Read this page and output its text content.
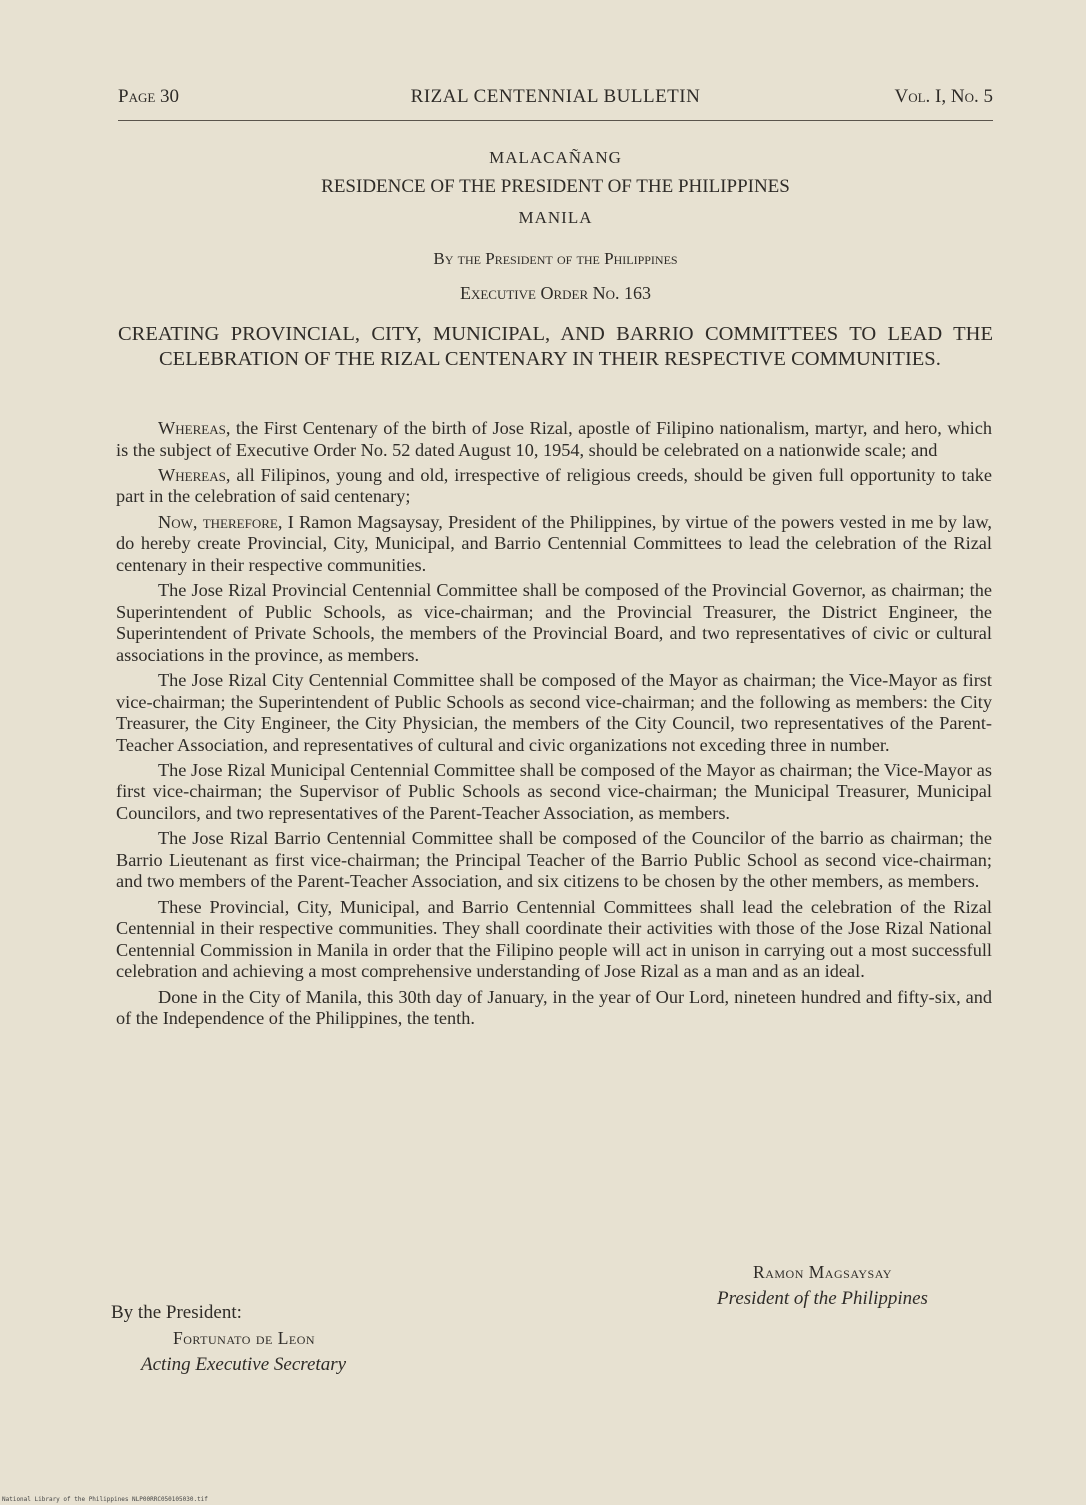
Page 30	RIZAL CENTENNIAL BULLETIN	Vol. I, No. 5
MALACAÑANG
RESIDENCE OF THE PRESIDENT OF THE PHILIPPINES
MANILA
By the President of the Philippines
Executive Order No. 163
CREATING PROVINCIAL, CITY, MUNICIPAL, AND BARRIO COMMITTEES TO LEAD THE CELEBRATION OF THE RIZAL CENTENARY IN THEIR RESPECTIVE COMMUNITIES.

Whereas, the First Centenary of the birth of Jose Rizal, apostle of Filipino nationalism, martyr, and hero, which is the subject of Executive Order No. 52 dated August 10, 1954, should be celebrated on a nationwide scale; and

Whereas, all Filipinos, young and old, irrespective of religious creeds, should be given full opportunity to take part in the celebration of said centenary;

Now, therefore, I Ramon Magsaysay, President of the Philippines, by virtue of the powers vested in me by law, do hereby create Provincial, City, Municipal, and Barrio Centennial Committees to lead the celebration of the Rizal centenary in their respective communities.

The Jose Rizal Provincial Centennial Committee shall be composed of the Provincial Governor, as chairman; the Superintendent of Public Schools, as vice-chairman; and the Provincial Treasurer, the District Engineer, the Superintendent of Private Schools, the members of the Provincial Board, and two representatives of civic or cultural associations in the province, as members.

The Jose Rizal City Centennial Committee shall be composed of the Mayor as chairman; the Vice-Mayor as first vice-chairman; the Superintendent of Public Schools as second vice-chairman; and the following as members: the City Treasurer, the City Engineer, the City Physician, the members of the City Council, two representatives of the Parent-Teacher Association, and representatives of cultural and civic organizations not exceding three in number.

The Jose Rizal Municipal Centennial Committee shall be composed of the Mayor as chairman; the Vice-Mayor as first vice-chairman; the Supervisor of Public Schools as second vice-chairman; the Municipal Treasurer, Municipal Councilors, and two representatives of the Parent-Teacher Association, as members.

The Jose Rizal Barrio Centennial Committee shall be composed of the Councilor of the barrio as chairman; the Barrio Lieutenant as first vice-chairman; the Principal Teacher of the Barrio Public School as second vice-chairman; and two members of the Parent-Teacher Association, and six citizens to be chosen by the other members, as members.

These Provincial, City, Municipal, and Barrio Centennial Committees shall lead the celebration of the Rizal Centennial in their respective communities. They shall coordinate their activities with those of the Jose Rizal National Centennial Commission in Manila in order that the Filipino people will act in unison in carrying out a most successfull celebration and achieving a most comprehensive understanding of Jose Rizal as a man and as an ideal.

Done in the City of Manila, this 30th day of January, in the year of Our Lord, nineteen hundred and fifty-six, and of the Independence of the Philippines, the tenth.

Ramon Magsaysay
President of the Philippines
By the President:
Fortunato de Leon
Acting Executive Secretary
National Library of the Philippines NLP00RRC050105030.tif
